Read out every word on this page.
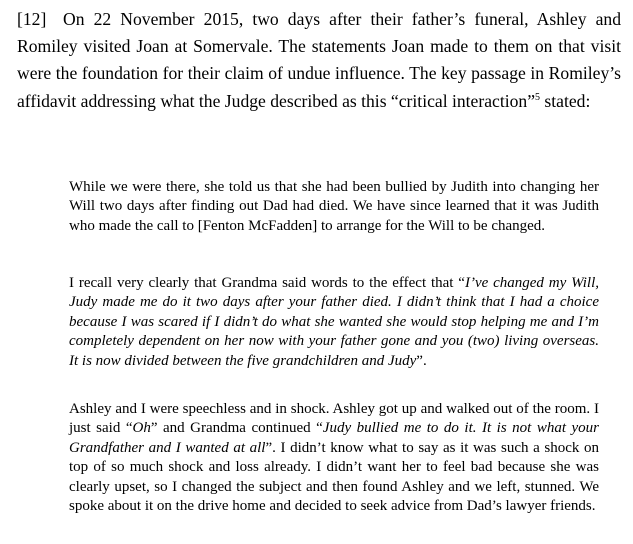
[12] On 22 November 2015, two days after their father’s funeral, Ashley and Romiley visited Joan at Somervale. The statements Joan made to them on that visit were the foundation for their claim of undue influence. The key passage in Romiley’s affidavit addressing what the Judge described as this “critical interaction”$^5$ stated:

While we were there, she told us that she had been bullied by Judith into changing her Will two days after finding out Dad had died. We have since learned that it was Judith who made the call to [Fenton McFadden] to arrange for the Will to be changed.

I recall very clearly that Grandma said words to the effect that “I’ve changed my Will, Judy made me do it two days after your father died. I didn’t think that I had a choice because I was scared if I didn’t do what she wanted she would stop helping me and I’m completely dependent on her now with your father gone and you (two) living overseas. It is now divided between the five grandchildren and Judy”.

Ashley and I were speechless and in shock. Ashley got up and walked out of the room. I just said “Oh” and Grandma continued “Judy bullied me to do it. It is not what your Grandfather and I wanted at all”. I didn’t know what to say as it was such a shock on top of so much shock and loss already. I didn’t want her to feel bad because she was clearly upset, so I changed the subject and then found Ashley and we left, stunned. We spoke about it on the drive home and decided to seek advice from Dad’s lawyer friends.
